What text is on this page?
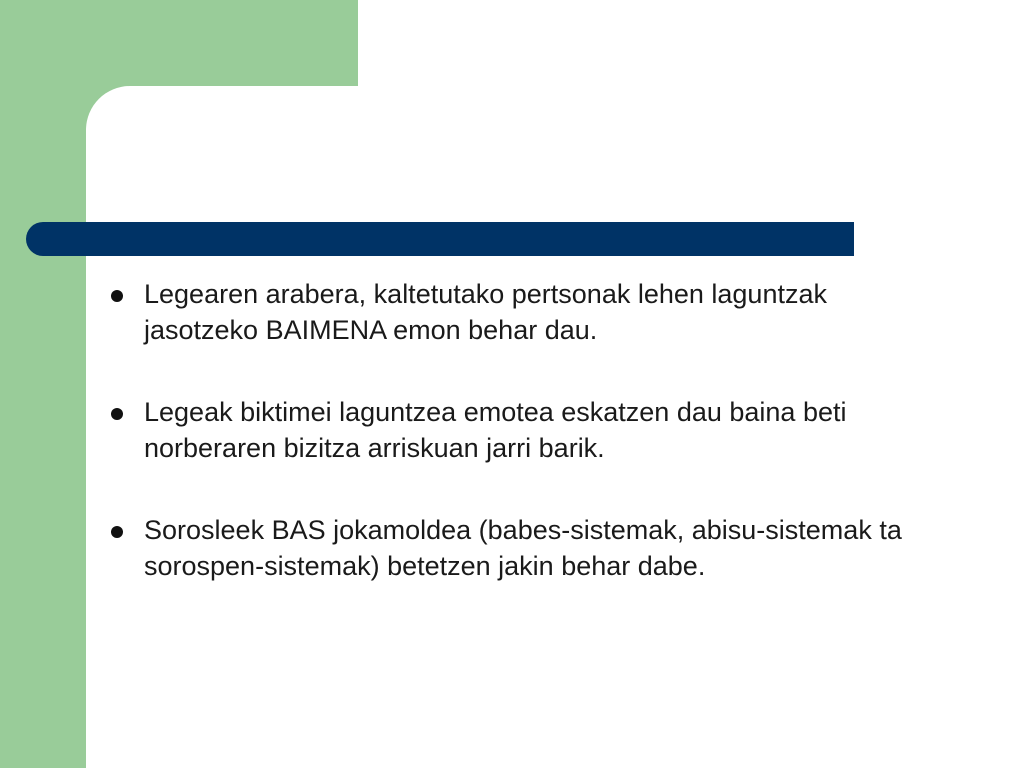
Legearen arabera, kaltetutako pertsonak lehen laguntzak jasotzeko BAIMENA emon behar dau.
Legeak biktimei laguntzea emotea eskatzen dau baina beti norberaren bizitza arriskuan jarri barik.
Sorosleek BAS jokamoldea (babes-sistemak, abisu-sistemak ta sorospen-sistemak) betetzen jakin behar dabe.
